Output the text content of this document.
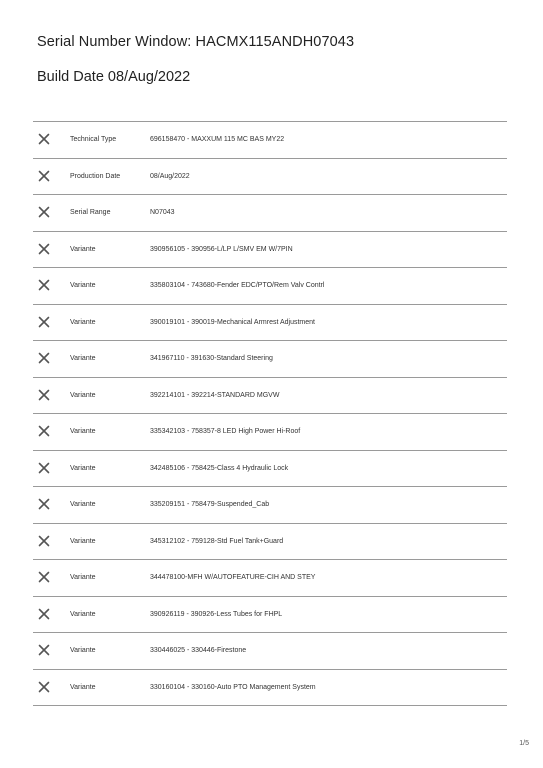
Serial Number Window: HACMX115ANDH07043
Build Date 08/Aug/2022
Technical Type	696158470 - MAXXUM 115 MC BAS MY22
Production Date	08/Aug/2022
Serial Range	N07043
Variante	390956105 - 390956-L/LP L/SMV EM W/7PIN
Variante	335803104 - 743680-Fender EDC/PTO/Rem Valv Contrl
Variante	390019101 - 390019-Mechanical Armrest Adjustment
Variante	341967110 - 391630-Standard Steering
Variante	392214101 - 392214-STANDARD MGVW
Variante	335342103 - 758357-8 LED High Power Hi-Roof
Variante	342485106 - 758425-Class 4 Hydraulic Lock
Variante	335209151 - 758479-Suspended_Cab
Variante	345312102 - 759128-Std Fuel Tank+Guard
Variante	344478100-MFH W/AUTOFEATURE-CIH AND STEY
Variante	390926119 - 390926-Less Tubes for FHPL
Variante	330446025 - 330446-Firestone
Variante	330160104 - 330160-Auto PTO Management System
1/5
